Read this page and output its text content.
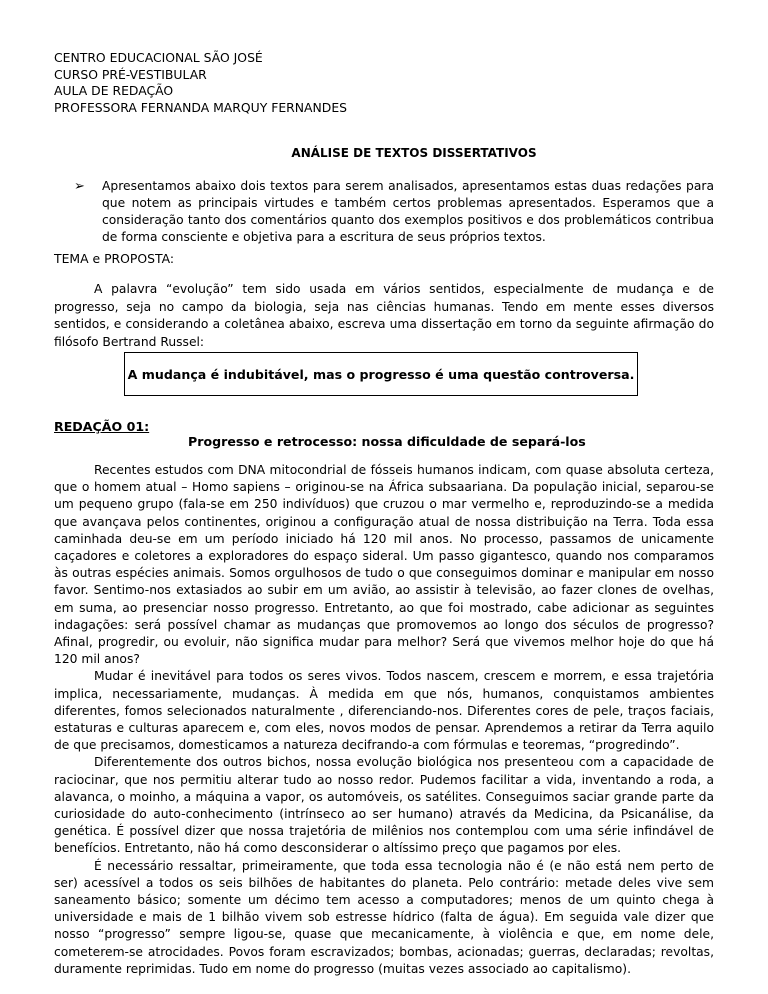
CENTRO EDUCACIONAL SÃO JOSÉ
CURSO PRÉ-VESTIBULAR
AULA DE REDAÇÃO
PROFESSORA FERNANDA MARQUY FERNANDES
ANÁLISE DE TEXTOS DISSERTATIVOS
➢	Apresentamos abaixo dois textos para serem analisados, apresentamos estas duas redações para que notem as principais virtudes e também certos problemas apresentados. Esperamos que a consideração tanto dos comentários quanto dos exemplos positivos e dos problemáticos contribua de forma consciente e objetiva para a escritura de seus próprios textos.
TEMA e PROPOSTA:
A palavra “evolução” tem sido usada em vários sentidos, especialmente de mudança e de progresso, seja no campo da biologia, seja nas ciências humanas. Tendo em mente esses diversos sentidos, e considerando a coletânea abaixo, escreva uma dissertação em torno da seguinte afirmação do filósofo Bertrand Russel:
A mudança é indubitável, mas o progresso é uma questão controversa.
REDAÇÃO 01:
Progresso e retrocesso: nossa dificuldade de separá-los

Recentes estudos com DNA mitocondrial de fósseis humanos indicam, com quase absoluta certeza, que o homem atual – Homo sapiens – originou-se na África subsaariana. Da população inicial, separou-se um pequeno grupo (fala-se em 250 indivíduos) que cruzou o mar vermelho e, reproduzindo-se a medida que avançava pelos continentes, originou a configuração atual de nossa distribuição na Terra. Toda essa caminhada deu-se em um período iniciado há 120 mil anos. No processo, passamos de unicamente caçadores e coletores a exploradores do espaço sideral. Um passo gigantesco, quando nos comparamos às outras espécies animais. Somos orgulhosos de tudo o que conseguimos dominar e manipular em nosso favor. Sentimo-nos extasiados ao subir em um avião, ao assistir à televisão, ao fazer clones de ovelhas, em suma, ao presenciar nosso progresso. Entretanto, ao que foi mostrado, cabe adicionar as seguintes indagações: será possível chamar as mudanças que promovemos ao longo dos séculos de progresso? Afinal, progredir, ou evoluir, não significa mudar para melhor? Será que vivemos melhor hoje do que há 120 mil anos?

Mudar é inevitável para todos os seres vivos. Todos nascem, crescem e morrem, e essa trajetória implica, necessariamente, mudanças. À medida em que nós, humanos, conquistamos ambientes diferentes, fomos selecionados naturalmente , diferenciando-nos. Diferentes cores de pele, traços faciais, estaturas e culturas aparecem e, com eles, novos modos de pensar. Aprendemos a retirar da Terra aquilo de que precisamos, domesticamos a natureza decifrando-a com fórmulas e teoremas, “progredindo”.

Diferentemente dos outros bichos, nossa evolução biológica nos presenteou com a capacidade de raciocinar, que nos permitiu alterar tudo ao nosso redor. Pudemos facilitar a vida, inventando a roda, a alavanca, o moinho, a máquina a vapor, os automóveis, os satélites. Conseguimos saciar grande parte da curiosidade do auto-conhecimento (intrínseco ao ser humano) através da Medicina, da Psicanálise, da genética. É possível dizer que nossa trajetória de milênios nos contemplou com uma série infindável de benefícios. Entretanto, não há como desconsiderar o altíssimo preço que pagamos por eles.

É necessário ressaltar, primeiramente, que toda essa tecnologia não é (e não está nem perto de ser) acessível a todos os seis bilhões de habitantes do planeta. Pelo contrário: metade deles vive sem saneamento básico; somente um décimo tem acesso a computadores; menos de um quinto chega à universidade e mais de 1 bilhão vivem sob estresse hídrico (falta de água). Em seguida vale dizer que nosso “progresso” sempre ligou-se, quase que mecanicamente, à violência e que, em nome dele, cometerem-se atrocidades. Povos foram escravizados; bombas, acionadas; guerras, declaradas; revoltas, duramente reprimidas. Tudo em nome do progresso (muitas vezes associado ao capitalismo).
